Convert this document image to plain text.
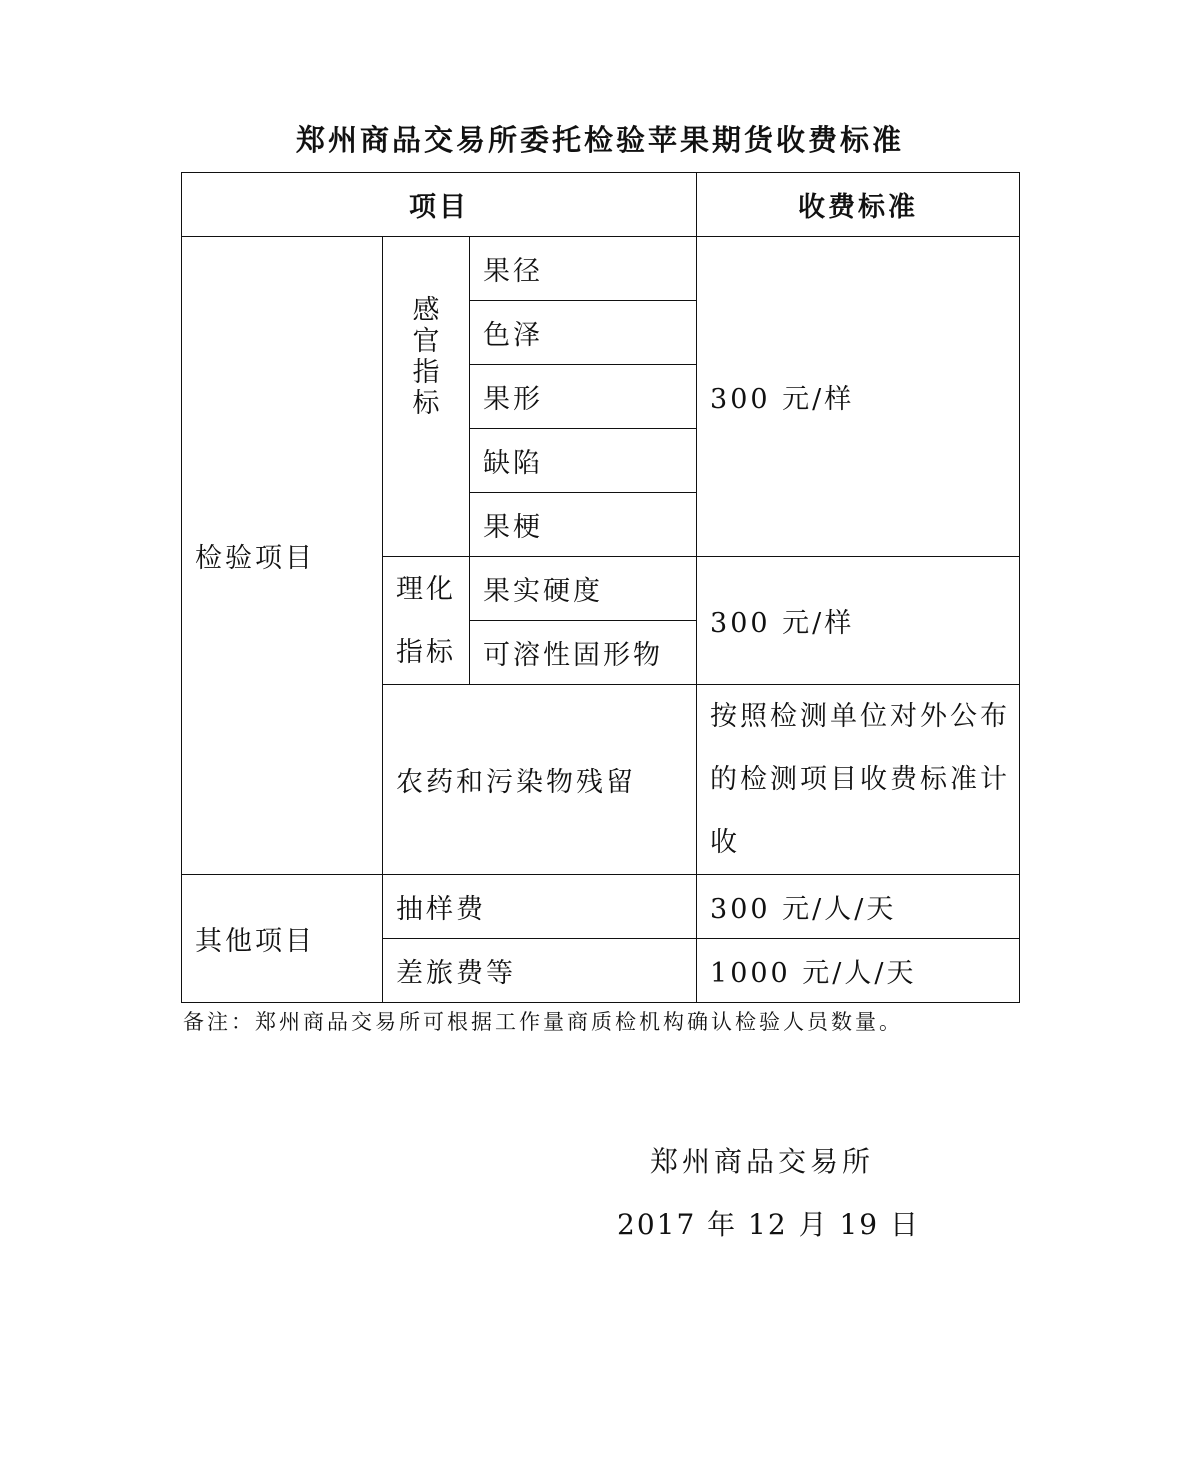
郑州商品交易所委托检验苹果期货收费标准
项目			收费标准
检验项目	感官指标	果径	300 元/样
		色泽	
		果形	
		缺陷	
		果梗	
	理化指标	果实硬度	300 元/样
		可溶性固形物	
	农药和污染物残留		按照检测单位对外公布的检测项目收费标准计收

其他项目	抽样费		300 元/人/天
	差旅费等		1000 元/人/天
备注：郑州商品交易所可根据工作量商质检机构确认检验人员数量。
郑州商品交易所
2017 年 12 月 19 日
